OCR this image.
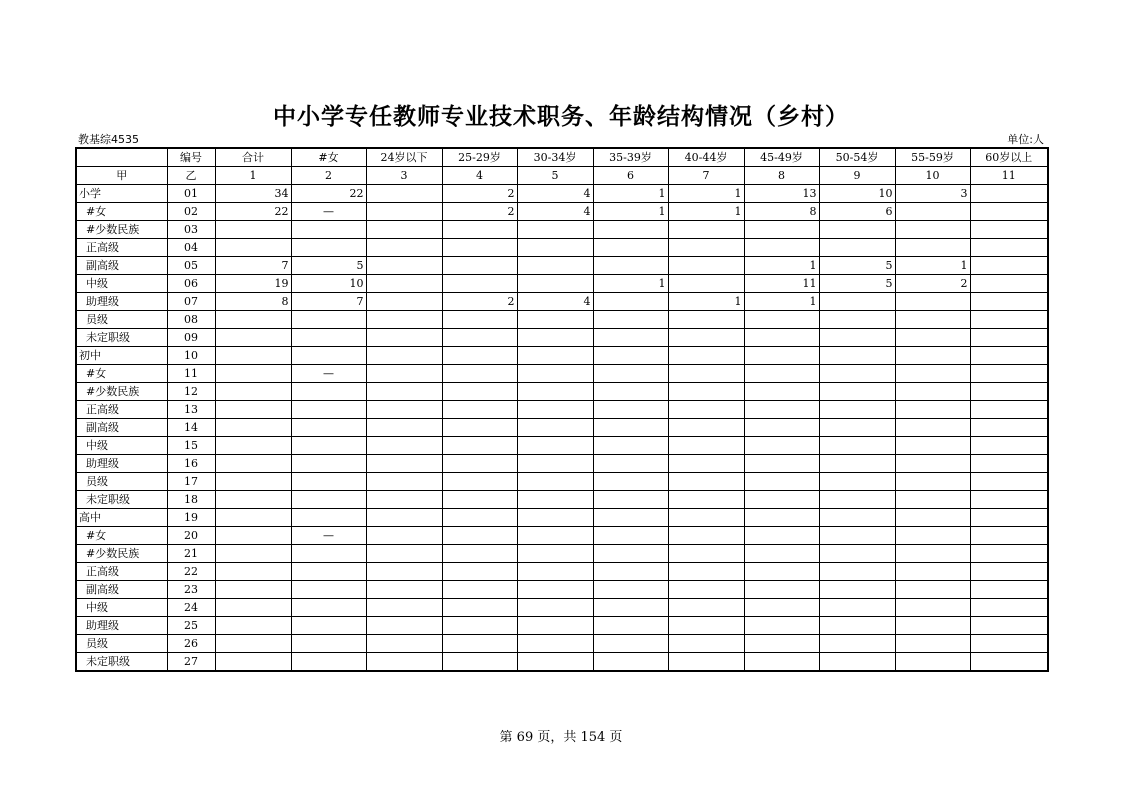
中小学专任教师专业技术职务、年龄结构情况（乡村）
教基综4535	单位:人
	编号	合计	#女	24岁以下	25-29岁	30-34岁	35-39岁	40-44岁	45-49岁	50-54岁	55-59岁	60岁以上
甲	乙	1	2	3	4	5	6	7	8	9	10	11
小学	01	34	22		2	4	1	1	13	10	3	
#女	02	22	—		2	4	1	1	8	6		
#少数民族	03											
正高级	04											
副高级	05	7	5						1	5	1	
中级	06	19	10				1		11	5	2	
助理级	07	8	7		2	4		1	1			
员级	08											
未定职级	09											
初中	10											
#女	11		—									
#少数民族	12											
正高级	13											
副高级	14											
中级	15											
助理级	16											
员级	17											
未定职级	18											
高中	19											
#女	20		—									
#少数民族	21											
正高级	22											
副高级	23											
中级	24											
助理级	25											
员级	26											
未定职级	27											
第 69 页，共 154 页
